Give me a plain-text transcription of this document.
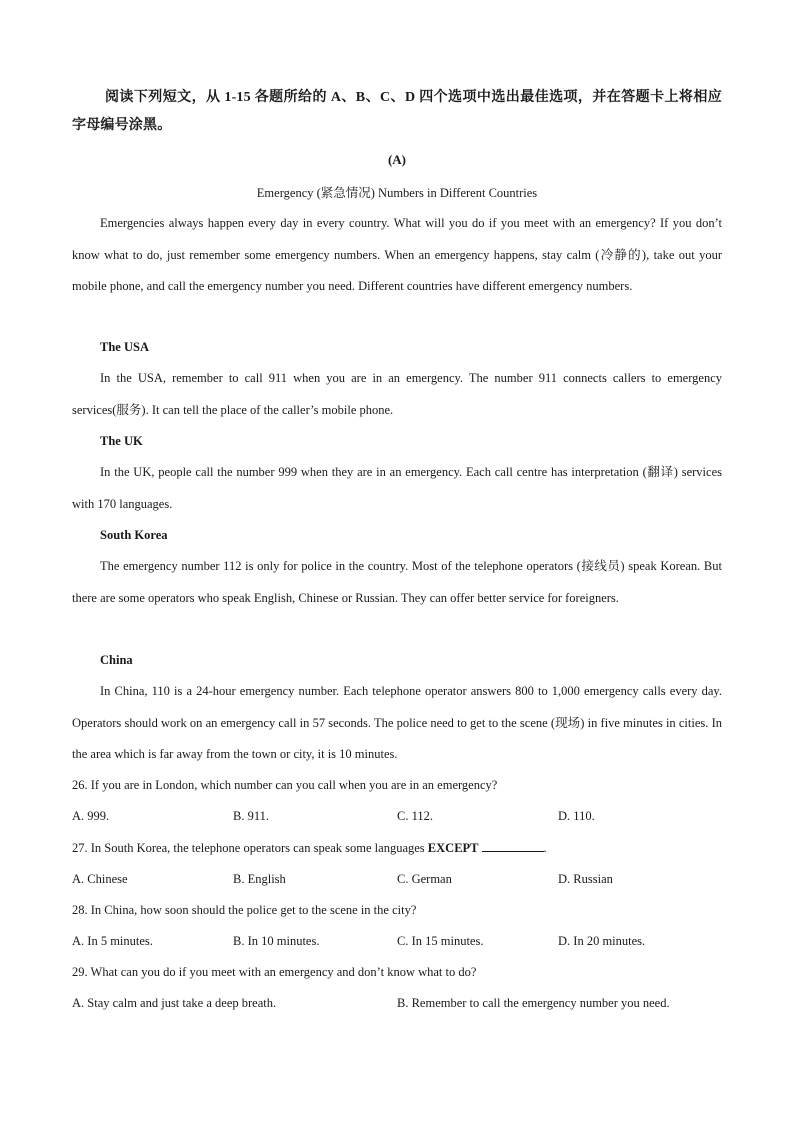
阅读下列短文，从 1-15 各题所给的 A、B、C、D 四个选项中选出最佳选项，并在答题卡上将相应字母编号涂黑。
(A)
Emergency (紧急情况) Numbers in Different Countries
Emergencies always happen every day in every country. What will you do if you meet with an emergency? If you don’t know what to do, just remember some emergency numbers. When an emergency happens, stay calm (冷静的), take out your mobile phone, and call the emergency number you need. Different countries have different emergency numbers.
The USA
In the USA, remember to call 911 when you are in an emergency. The number 911 connects callers to emergency services(服务). It can tell the place of the caller’s mobile phone.
The UK
In the UK, people call the number 999 when they are in an emergency. Each call centre has interpretation (翻译) services with 170 languages.
South Korea
The emergency number 112 is only for police in the country. Most of the telephone operators (接线员) speak Korean. But there are some operators who speak English, Chinese or Russian. They can offer better service for foreigners.
China
In China, 110 is a 24-hour emergency number. Each telephone operator answers 800 to 1,000 emergency calls every day. Operators should work on an emergency call in 57 seconds. The police need to get to the scene (现场) in five minutes in cities. In the area which is far away from the town or city, it is 10 minutes.
26. If you are in London, which number can you call when you are in an emergency?
A. 999.	B. 911.	C. 112.	D. 110.
27. In South Korea, the telephone operators can speak some languages EXCEPT	.
A. Chinese	B. English	C. German	D. Russian
28. In China, how soon should the police get to the scene in the city?
A. In 5 minutes.	B. In 10 minutes.	C. In 15 minutes.	D. In 20 minutes.
29. What can you do if you meet with an emergency and don’t know what to do?
A. Stay calm and just take a deep breath.	B. Remember to call the emergency number you need.
